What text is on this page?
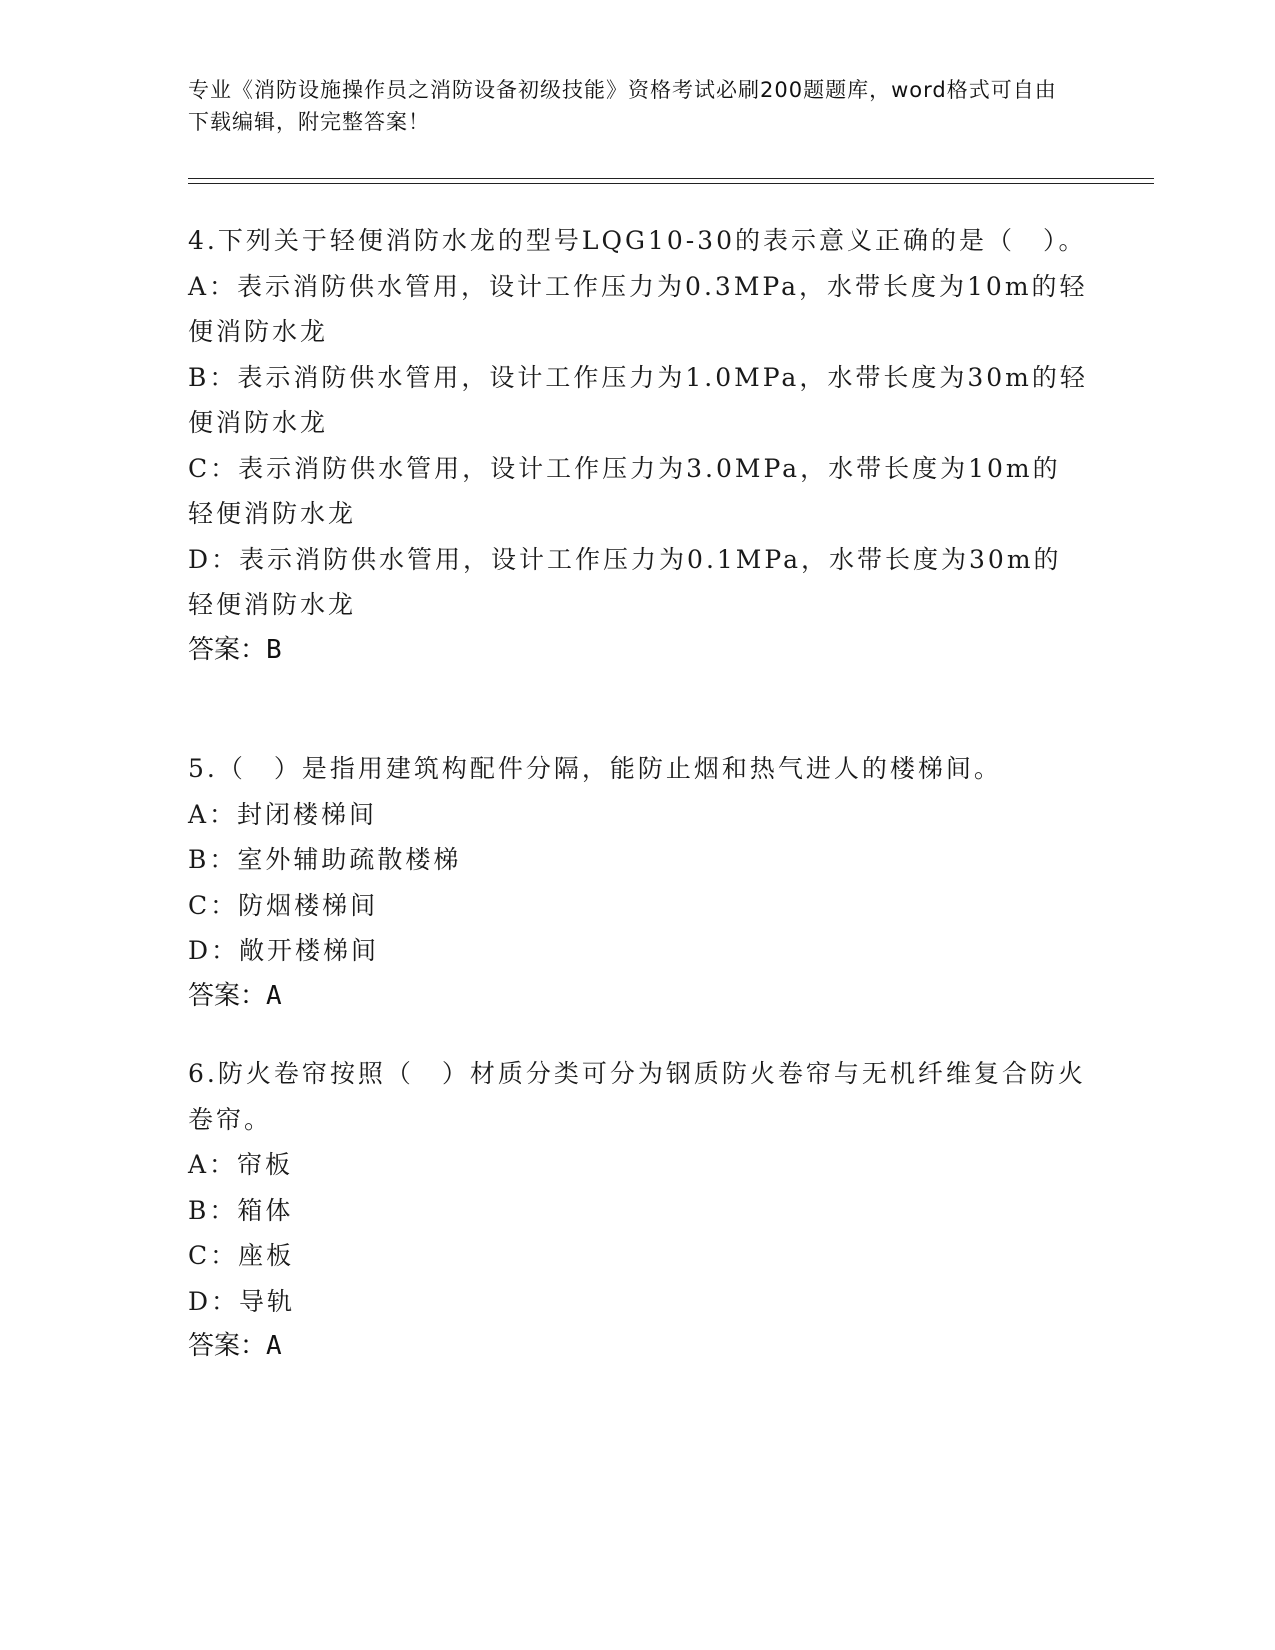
专业《消防设施操作员之消防设备初级技能》资格考试必刷200题题库，word格式可自由下载编辑，附完整答案！
4.下列关于轻便消防水龙的型号LQG10-30的表示意义正确的是（　）。
A：表示消防供水管用，设计工作压力为0.3MPa，水带长度为10m的轻便消防水龙
B：表示消防供水管用，设计工作压力为1.0MPa，水带长度为30m的轻便消防水龙
C：表示消防供水管用，设计工作压力为3.0MPa，水带长度为10m的轻便消防水龙
D：表示消防供水管用，设计工作压力为0.1MPa，水带长度为30m的轻便消防水龙
答案：B
5.（　）是指用建筑构配件分隔，能防止烟和热气进人的楼梯间。
A：封闭楼梯间
B：室外辅助疏散楼梯
C：防烟楼梯间
D：敞开楼梯间
答案：A
6.防火卷帘按照（　）材质分类可分为钢质防火卷帘与无机纤维复合防火卷帘。
A：帘板
B：箱体
C：座板
D：导轨
答案：A
